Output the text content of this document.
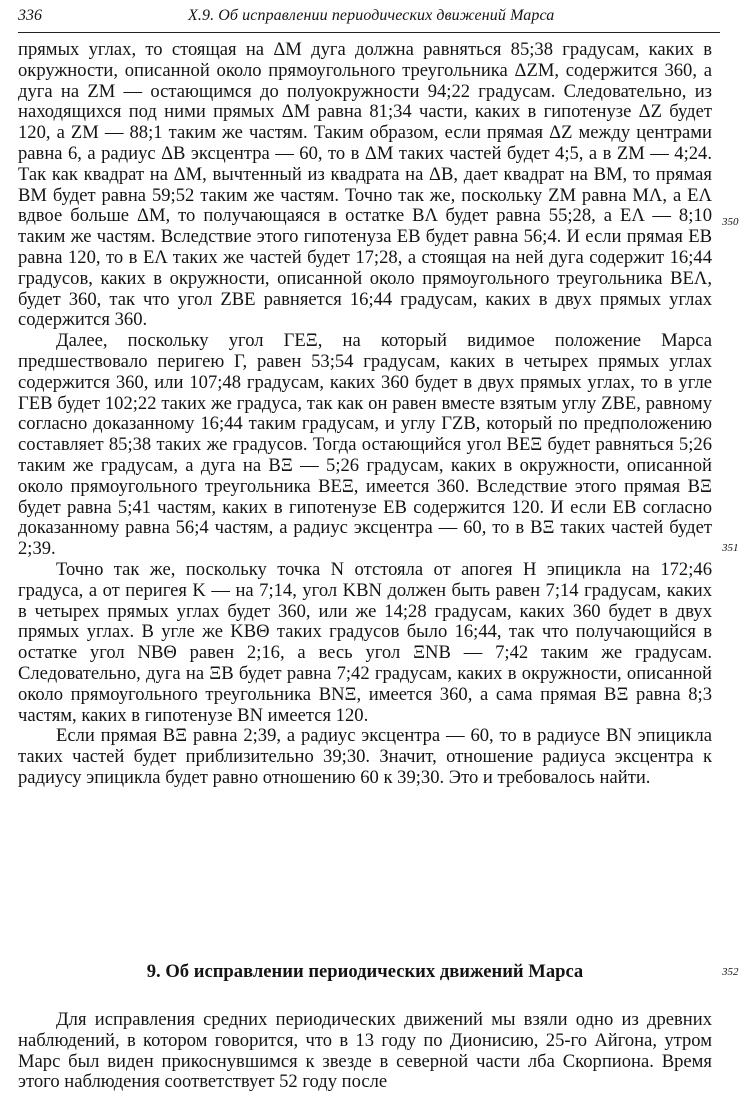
336	X.9. Об исправлении периодических движений Марса

прямых углах, то стоящая на ΔM дуга должна равняться 85;38 градусам, каких в окружности, описанной около прямоугольного треугольника ΔZM, содержится 360, а дуга на ZM — остающимся до полуокружности 94;22 градусам. Следовательно, из находящихся под ними прямых ΔM равна 81;34 части, каких в гипотенузе ΔZ будет 120, а ZM — 88;1 таким же частям. Таким образом, если прямая ΔZ между центрами равна 6, а радиус ΔB эксцентра — 60, то в ΔM таких частей будет 4;5, а в ZM — 4;24. Так как квадрат на ΔM, вычтенный из квадрата на ΔB, дает квадрат на BM, то прямая BM будет равна 59;52 таким же частям. Точно так же, поскольку ZM равна MΛ, а EΛ вдвое больше ΔM, то получающаяся в остатке BΛ будет равна 55;28, а EΛ — 8;10 таким же частям. Вследствие этого гипотенуза EB будет равна 56;4. И если прямая EB равна 120, то в EΛ таких же частей будет 17;28, а стоящая на ней дуга содержит 16;44 градусов, каких в окружности, описанной около прямоугольного треугольника BEΛ, будет 360, так что угол ZBE равняется 16;44 градусам, каких в двух прямых углах содержится 360.

Далее, поскольку угол ΓEΞ, на который видимое положение Марса предшествовало перигею Γ, равен 53;54 градусам, каких в четырех прямых углах содержится 360, или 107;48 градусам, каких 360 будет в двух прямых углах, то в угле ΓEB будет 102;22 таких же градуса, так как он равен вместе взятым углу ZBE, равному согласно доказанному 16;44 таким градусам, и углу ΓZB, который по предположению составляет 85;38 таких же градусов. Тогда остающийся угол BEΞ будет равняться 5;26 таким же градусам, а дуга на BΞ — 5;26 градусам, каких в окружности, описанной около прямоугольного треугольника BEΞ, имеется 360. Вследствие этого прямая BΞ будет равна 5;41 частям, каких в гипотенузе EB содержится 120. И если EB согласно доказанному равна 56;4 частям, а радиус эксцентра — 60, то в BΞ таких частей будет 2;39.

Точно так же, поскольку точка N отстояла от апогея H эпицикла на 172;46 градуса, а от перигея K — на 7;14, угол KBN должен быть равен 7;14 градусам, каких в четырех прямых углах будет 360, или же 14;28 градусам, каких 360 будет в двух прямых углах. В угле же KBΘ таких градусов было 16;44, так что получающийся в остатке угол NBΘ равен 2;16, а весь угол ΞNB — 7;42 таким же градусам. Следовательно, дуга на ΞB будет равна 7;42 градусам, каких в окружности, описанной около прямоугольного треугольника BNΞ, имеется 360, а сама прямая BΞ равна 8;3 частям, каких в гипотенузе BN имеется 120.

Если прямая BΞ равна 2;39, а радиус эксцентра — 60, то в радиусе BN эпицикла таких частей будет приблизительно 39;30. Значит, отношение радиуса эксцентра к радиусу эпицикла будет равно отношению 60 к 39;30. Это и требовалось найти.

350
351
352
9. Об исправлении периодических движений Марса

Для исправления средних периодических движений мы взяли одно из древних наблюдений, в котором говорится, что в 13 году по Дионисию, 25-го Айгона, утром Марс был виден прикоснувшимся к звезде в северной части лба Скорпиона. Время этого наблюдения соответствует 52 году после
